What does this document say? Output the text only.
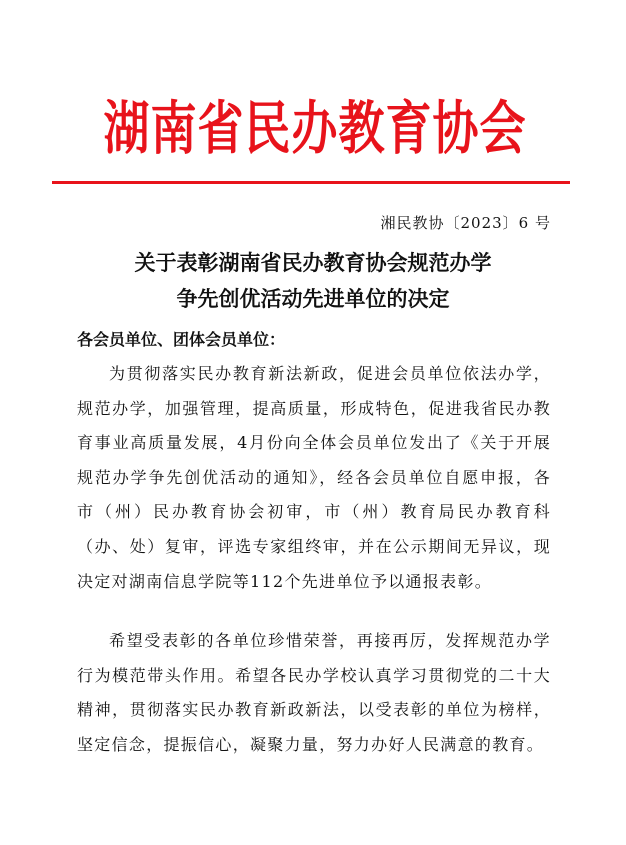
湖南省民办教育协会
湘民教协〔2023〕6 号
关于表彰湖南省民办教育协会规范办学
争先创优活动先进单位的决定
各会员单位、团体会员单位：

为贯彻落实民办教育新法新政，促进会员单位依法办学，规范办学，加强管理，提高质量，形成特色，促进我省民办教育事业高质量发展，4月份向全体会员单位发出了《关于开展规范办学争先创优活动的通知》，经各会员单位自愿申报，各市（州）民办教育协会初审，市（州）教育局民办教育科（办、处）复审，评选专家组终审，并在公示期间无异议，现决定对湖南信息学院等112个先进单位予以通报表彰。

希望受表彰的各单位珍惜荣誉，再接再厉，发挥规范办学行为模范带头作用。希望各民办学校认真学习贯彻党的二十大精神，贯彻落实民办教育新政新法，以受表彰的单位为榜样，坚定信念，提振信心，凝聚力量，努力办好人民满意的教育。
